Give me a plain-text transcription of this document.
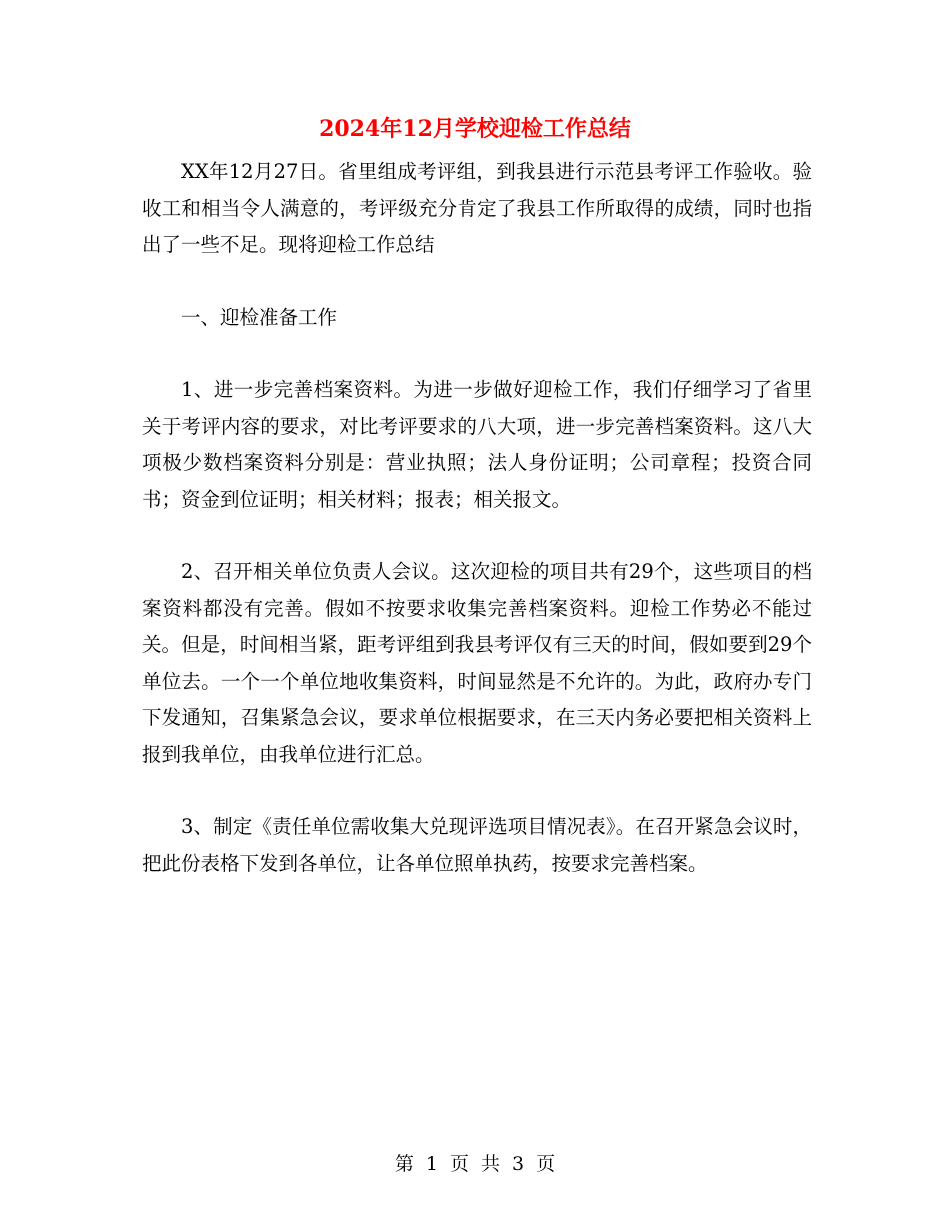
2024年12月学校迎检工作总结

XX年12月27日。省里组成考评组，到我县进行示范县考评工作验收。验收工和相当令人满意的，考评级充分肯定了我县工作所取得的成绩，同时也指出了一些不足。现将迎检工作总结

一、迎检准备工作

1、进一步完善档案资料。为进一步做好迎检工作，我们仔细学习了省里关于考评内容的要求，对比考评要求的八大项，进一步完善档案资料。这八大项极少数档案资料分别是：营业执照；法人身份证明；公司章程；投资合同书；资金到位证明；相关材料；报表；相关报文。

2、召开相关单位负责人会议。这次迎检的项目共有29个，这些项目的档案资料都没有完善。假如不按要求收集完善档案资料。迎检工作势必不能过关。但是，时间相当紧，距考评组到我县考评仅有三天的时间，假如要到29个单位去。一个一个单位地收集资料，时间显然是不允许的。为此，政府办专门下发通知，召集紧急会议，要求单位根据要求，在三天内务必要把相关资料上报到我单位，由我单位进行汇总。

3、制定《责任单位需收集大兑现评选项目情况表》。在召开紧急会议时，把此份表格下发到各单位，让各单位照单执药，按要求完善档案。

第 1 页 共 3 页
